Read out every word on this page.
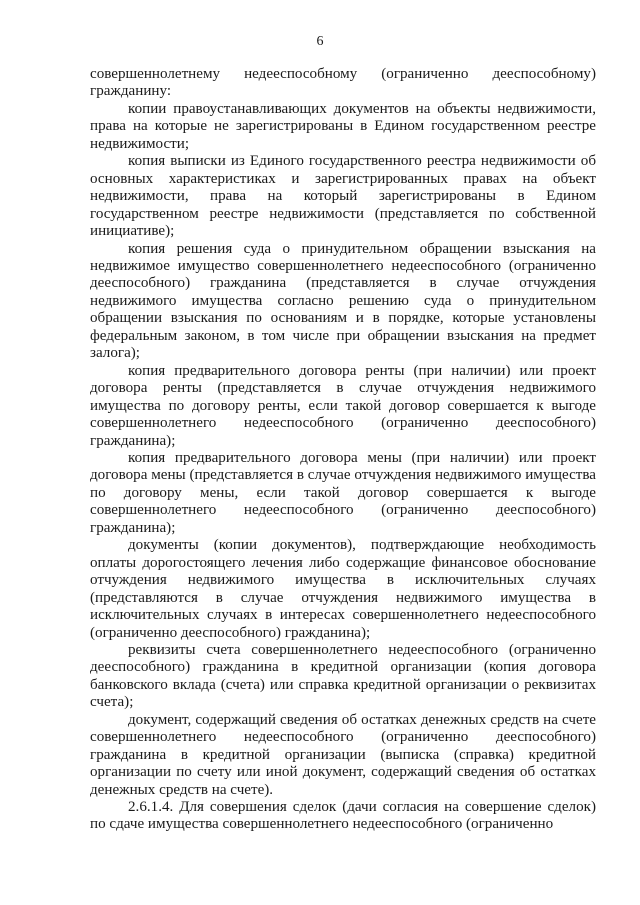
6

совершеннолетнему недееспособному (ограниченно дееспособному) гражданину:

копии правоустанавливающих документов на объекты недвижимости, права на которые не зарегистрированы в Едином государственном реестре недвижимости;

копия выписки из Единого государственного реестра недвижимости об основных характеристиках и зарегистрированных правах на объект недвижимости, права на который зарегистрированы в Едином государственном реестре недвижимости (представляется по собственной инициативе);

копия решения суда о принудительном обращении взыскания на недвижимое имущество совершеннолетнего недееспособного (ограниченно дееспособного) гражданина (представляется в случае отчуждения недвижимого имущества согласно решению суда о принудительном обращении взыскания по основаниям и в порядке, которые установлены федеральным законом, в том числе при обращении взыскания на предмет залога);

копия предварительного договора ренты (при наличии) или проект договора ренты (представляется в случае отчуждения недвижимого имущества по договору ренты, если такой договор совершается к выгоде совершеннолетнего недееспособного (ограниченно дееспособного) гражданина);

копия предварительного договора мены (при наличии) или проект договора мены (представляется в случае отчуждения недвижимого имущества по договору мены, если такой договор совершается к выгоде совершеннолетнего недееспособного (ограниченно дееспособного) гражданина);

документы (копии документов), подтверждающие необходимость оплаты дорогостоящего лечения либо содержащие финансовое обоснование отчуждения недвижимого имущества в исключительных случаях (представляются в случае отчуждения недвижимого имущества в исключительных случаях в интересах совершеннолетнего недееспособного (ограниченно дееспособного) гражданина);

реквизиты счета совершеннолетнего недееспособного (ограниченно дееспособного) гражданина в кредитной организации (копия договора банковского вклада (счета) или справка кредитной организации о реквизитах счета);

документ, содержащий сведения об остатках денежных средств на счете совершеннолетнего недееспособного (ограниченно дееспособного) гражданина в кредитной организации (выписка (справка) кредитной организации по счету или иной документ, содержащий сведения об остатках денежных средств на счете).

2.6.1.4. Для совершения сделок (дачи согласия на совершение сделок) по сдаче имущества совершеннолетнего недееспособного (ограниченно
